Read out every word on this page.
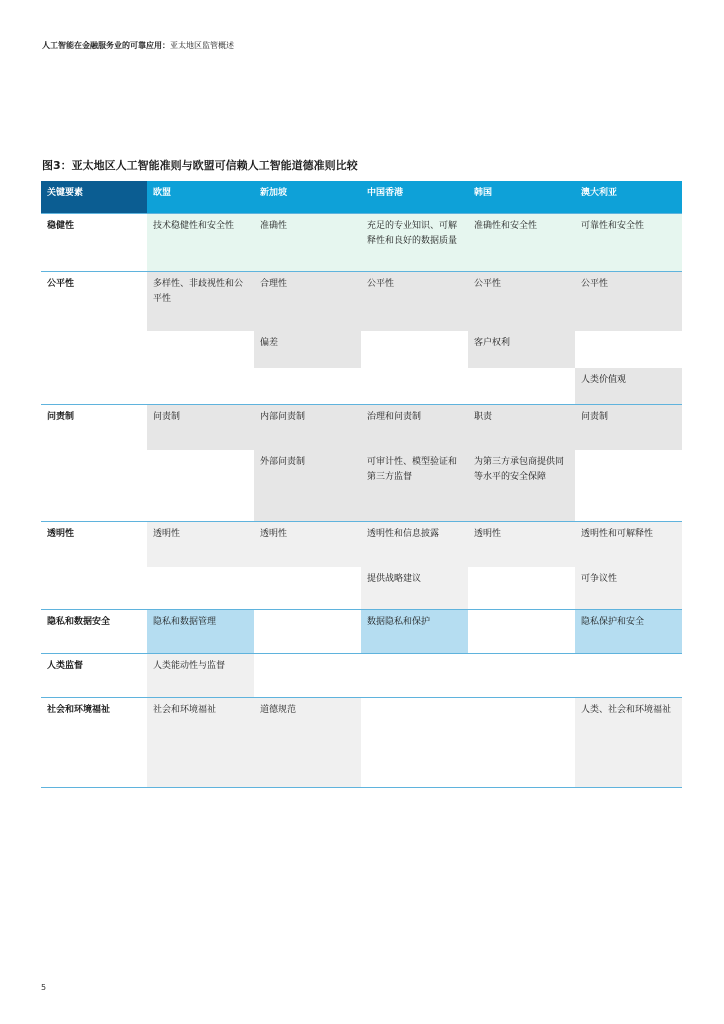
人工智能在金融服务业的可靠应用：亚太地区监管概述
图3：亚太地区人工智能准则与欧盟可信赖人工智能道德准则比较
关键要素	欧盟	新加坡	中国香港	韩国	澳大利亚
稳健性	技术稳健性和安全性	准确性	充足的专业知识、可解释性和良好的数据质量	准确性和安全性	可靠性和安全性
公平性	多样性、非歧视性和公平性	合理性	公平性	公平性	公平性
		偏差		客户权利	
					人类价值观
问责制	问责制	内部问责制	治理和问责制	职责	问责制
		外部问责制	可审计性、模型验证和第三方监督	为第三方承包商提供同等水平的安全保障	
透明性	透明性	透明性	透明性和信息披露	透明性	透明性和可解释性
			提供战略建议		可争议性
隐私和数据安全	隐私和数据管理		数据隐私和保护		隐私保护和安全
人类监督	人类能动性与监督				
社会和环境福祉	社会和环境福祉	道德规范			人类、社会和环境福祉
5
